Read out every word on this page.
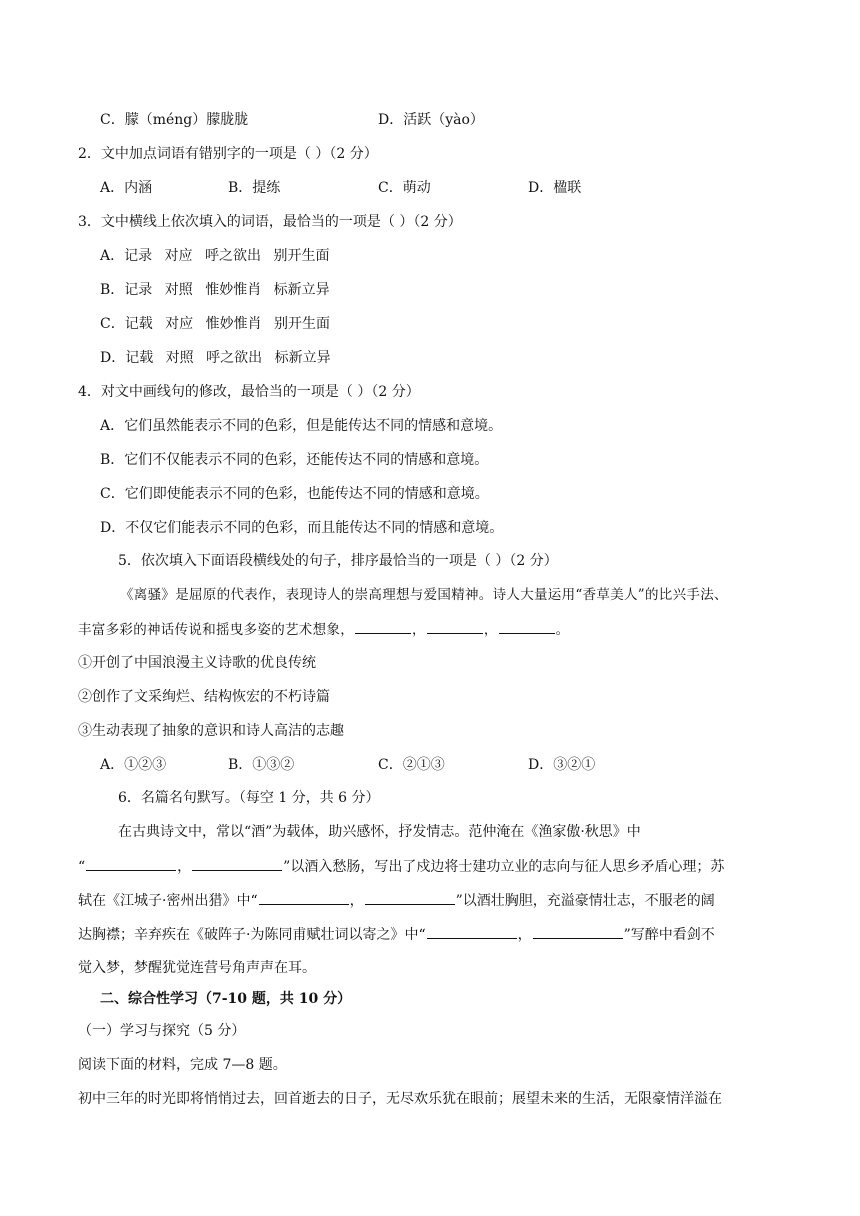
C．朦（méng）朦胧胧	D．活跃（yào）
2．文中加点词语有错别字的一项是（ ）（2 分）
A．内涵	B．提练	C．萌动	D．楹联
3．文中横线上依次填入的词语，最恰当的一项是（ ）（2 分）
A．记录 对应 呼之欲出 别开生面
B．记录 对照 惟妙惟肖 标新立异
C．记载 对应 惟妙惟肖 别开生面
D．记载 对照 呼之欲出 标新立异
4．对文中画线句的修改，最恰当的一项是（ ）（2 分）
A．它们虽然能表示不同的色彩，但是能传达不同的情感和意境。
B．它们不仅能表示不同的色彩，还能传达不同的情感和意境。
C．它们即使能表示不同的色彩，也能传达不同的情感和意境。
D．不仅它们能表示不同的色彩，而且能传达不同的情感和意境。
5．依次填入下面语段横线处的句子，排序最恰当的一项是（ ）（2 分）
《离骚》是屈原的代表作，表现诗人的崇高理想与爱国精神。诗人大量运用“香草美人”的比兴手法、
丰富多彩的神话传说和摇曳多姿的艺术想象，	，	，	。
①开创了中国浪漫主义诗歌的优良传统
②创作了文采绚烂、结构恢宏的不朽诗篇
③生动表现了抽象的意识和诗人高洁的志趣
A．①②③	B．①③②	C．②①③	D．③②①
6．名篇名句默写。（每空 1 分，共 6 分）
在古典诗文中，常以“酒”为载体，助兴感怀，抒发情志。范仲淹在《渔家傲·秋思》中
“	，	”以酒入愁肠，写出了戍边将士建功立业的志向与征人思乡矛盾心理；苏
轼在《江城子·密州出猎》中“	，	”以酒壮胸胆，充溢豪情壮志，不服老的阔
达胸襟；辛弃疾在《破阵子·为陈同甫赋壮词以寄之》中“	，	”写醉中看剑不
觉入梦，梦醒犹觉连营号角声声在耳。
二、综合性学习（7-10 题，共 10 分）
（一）学习与探究（5 分）
阅读下面的材料，完成 7—8 题。
初中三年的时光即将悄悄过去，回首逝去的日子，无尽欢乐犹在眼前；展望未来的生活，无限豪情洋溢在
